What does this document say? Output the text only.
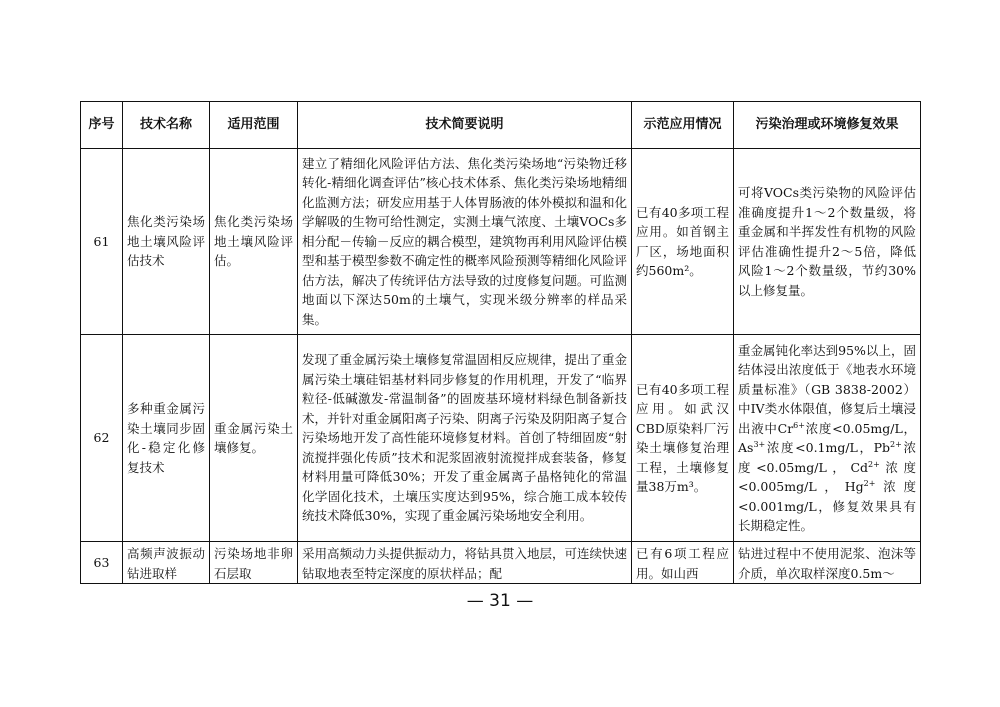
序号	技术名称	适用范围	技术简要说明	示范应用情况	污染治理或环境修复效果
61	焦化类污染场地土壤风险评估技术	焦化类污染场地土壤风险评估。	建立了精细化风险评估方法、焦化类污染场地“污染物迁移转化-精细化调查评估”核心技术体系、焦化类污染场地精细化监测方法；研发应用基于人体胃肠液的体外模拟和温和化学解吸的生物可给性测定，实测土壤气浓度、土壤VOCs多相分配－传输－反应的耦合模型，建筑物再利用风险评估模型和基于模型参数不确定性的概率风险预测等精细化风险评估方法，解决了传统评估方法导致的过度修复问题。可监测地面以下深达50m的土壤气，实现米级分辨率的样品采集。	已有40多项工程应用。如首钢主厂区，场地面积约560m²。	可将VOCs类污染物的风险评估准确度提升1～2个数量级，将重金属和半挥发性有机物的风险评估准确性提升2～5倍，降低风险1～2个数量级，节约30%以上修复量。
62	多种重金属污染土壤同步固化-稳定化修复技术	重金属污染土壤修复。	发现了重金属污染土壤修复常温固相反应规律，提出了重金属污染土壤硅铝基材料同步修复的作用机理，开发了“临界粒径-低碱激发-常温制备”的固废基环境材料绿色制备新技术，并针对重金属阳离子污染、阴离子污染及阴阳离子复合污染场地开发了高性能环境修复材料。首创了特细固废“射流搅拌强化传质”技术和泥浆固液射流搅拌成套装备，修复材料用量可降低30%；开发了重金属离子晶格钝化的常温化学固化技术，土壤压实度达到95%，综合施工成本较传统技术降低30%，实现了重金属污染场地安全利用。	已有40多项工程应用。如武汉CBD原染料厂污染土壤修复治理工程，土壤修复量38万m³。	重金属钝化率达到95%以上，固结体浸出浓度低于《地表水环境质量标准》（GB 3838-2002）中IV类水体限值，修复后土壤浸出液中$Cr^{6+}$浓度<0.05mg/L，$As^{3+}$浓度<0.1mg/L，$Pb^{2+}$浓度<0.05mg/L，$Cd^{2+}$浓度<0.005mg/L，$Hg^{2+}$浓度<0.001mg/L，修复效果具有长期稳定性。
63	高频声波振动钻进取样	污染场地非卵石层取	采用高频动力头提供振动力，将钻具贯入地层，可连续快速钻取地表至特定深度的原状样品；配	已有6项工程应用。如山西	钻进过程中不使用泥浆、泡沫等介质，单次取样深度0.5m～
— 31 —
